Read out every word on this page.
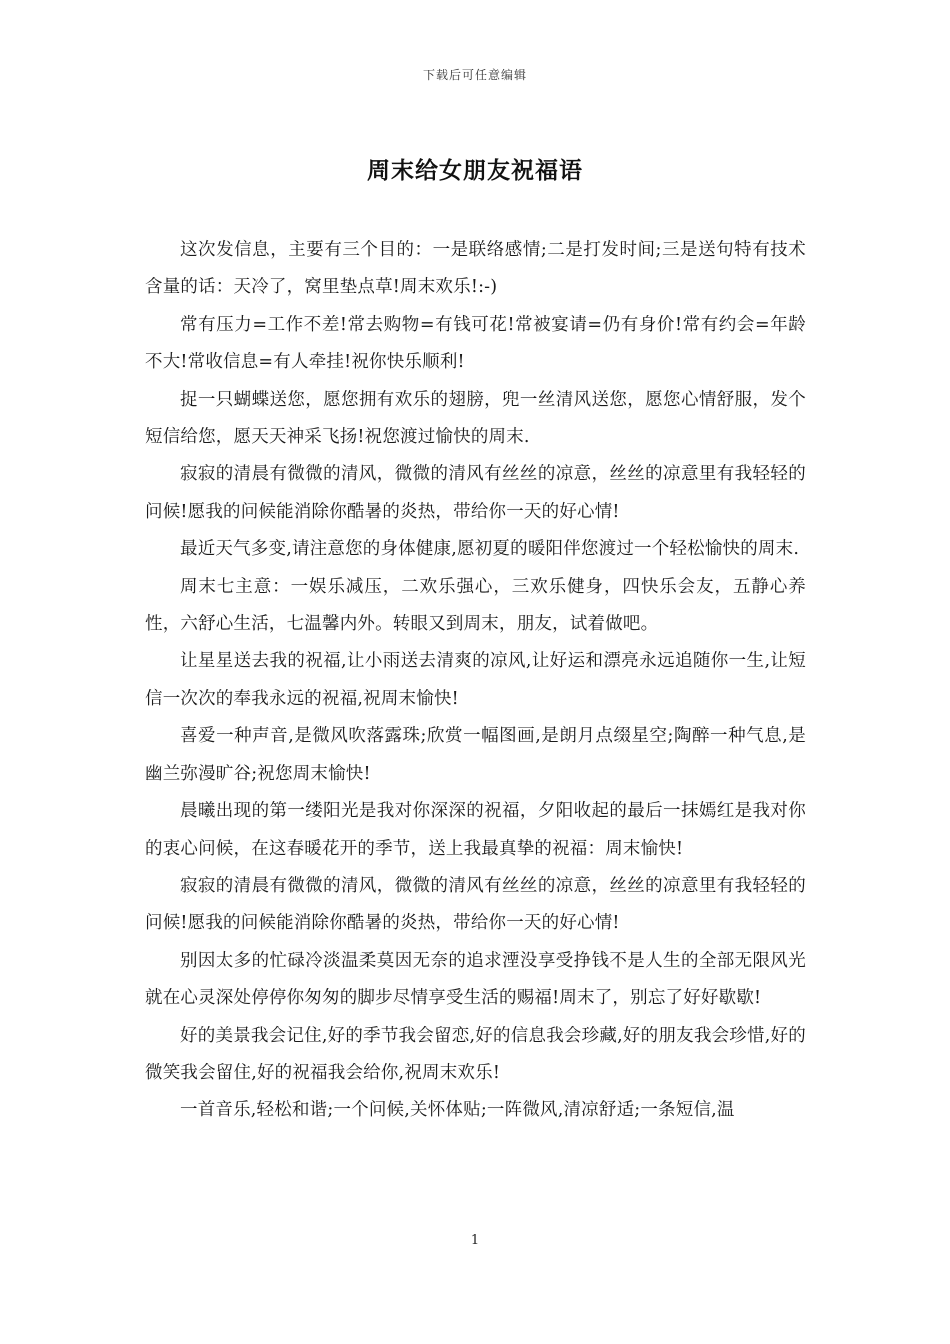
下载后可任意编辑
周末给女朋友祝福语

这次发信息，主要有三个目的：一是联络感情;二是打发时间;三是送句特有技术含量的话：天冷了，窝里垫点草!周末欢乐!:-)

常有压力=工作不差!常去购物=有钱可花!常被宴请=仍有身价!常有约会=年龄不大!常收信息=有人牵挂!祝你快乐顺利!

捉一只蝴蝶送您，愿您拥有欢乐的翅膀，兜一丝清风送您，愿您心情舒服，发个短信给您，愿天天神采飞扬!祝您渡过愉快的周末.

寂寂的清晨有微微的清风，微微的清风有丝丝的凉意，丝丝的凉意里有我轻轻的问候!愿我的问候能消除你酷暑的炎热，带给你一天的好心情!

最近天气多变,请注意您的身体健康,愿初夏的暖阳伴您渡过一个轻松愉快的周末.

周末七主意：一娱乐减压，二欢乐强心，三欢乐健身，四快乐会友，五静心养性，六舒心生活，七温馨内外。转眼又到周末，朋友，试着做吧。

让星星送去我的祝福,让小雨送去清爽的凉风,让好运和漂亮永远追随你一生,让短信一次次的奉我永远的祝福,祝周末愉快!

喜爱一种声音,是微风吹落露珠;欣赏一幅图画,是朗月点缀星空;陶醉一种气息,是幽兰弥漫旷谷;祝您周末愉快!

晨曦出现的第一缕阳光是我对你深深的祝福，夕阳收起的最后一抹嫣红是我对你的衷心问候，在这春暖花开的季节，送上我最真挚的祝福：周末愉快!

寂寂的清晨有微微的清风，微微的清风有丝丝的凉意，丝丝的凉意里有我轻轻的问候!愿我的问候能消除你酷暑的炎热，带给你一天的好心情!

别因太多的忙碌冷淡温柔莫因无奈的追求湮没享受挣钱不是人生的全部无限风光就在心灵深处停停你匆匆的脚步尽情享受生活的赐福!周末了，别忘了好好歇歇!

好的美景我会记住,好的季节我会留恋,好的信息我会珍藏,好的朋友我会珍惜,好的微笑我会留住,好的祝福我会给你,祝周末欢乐!

一首音乐,轻松和谐;一个问候,关怀体贴;一阵微风,清凉舒适;一条短信,温

1
